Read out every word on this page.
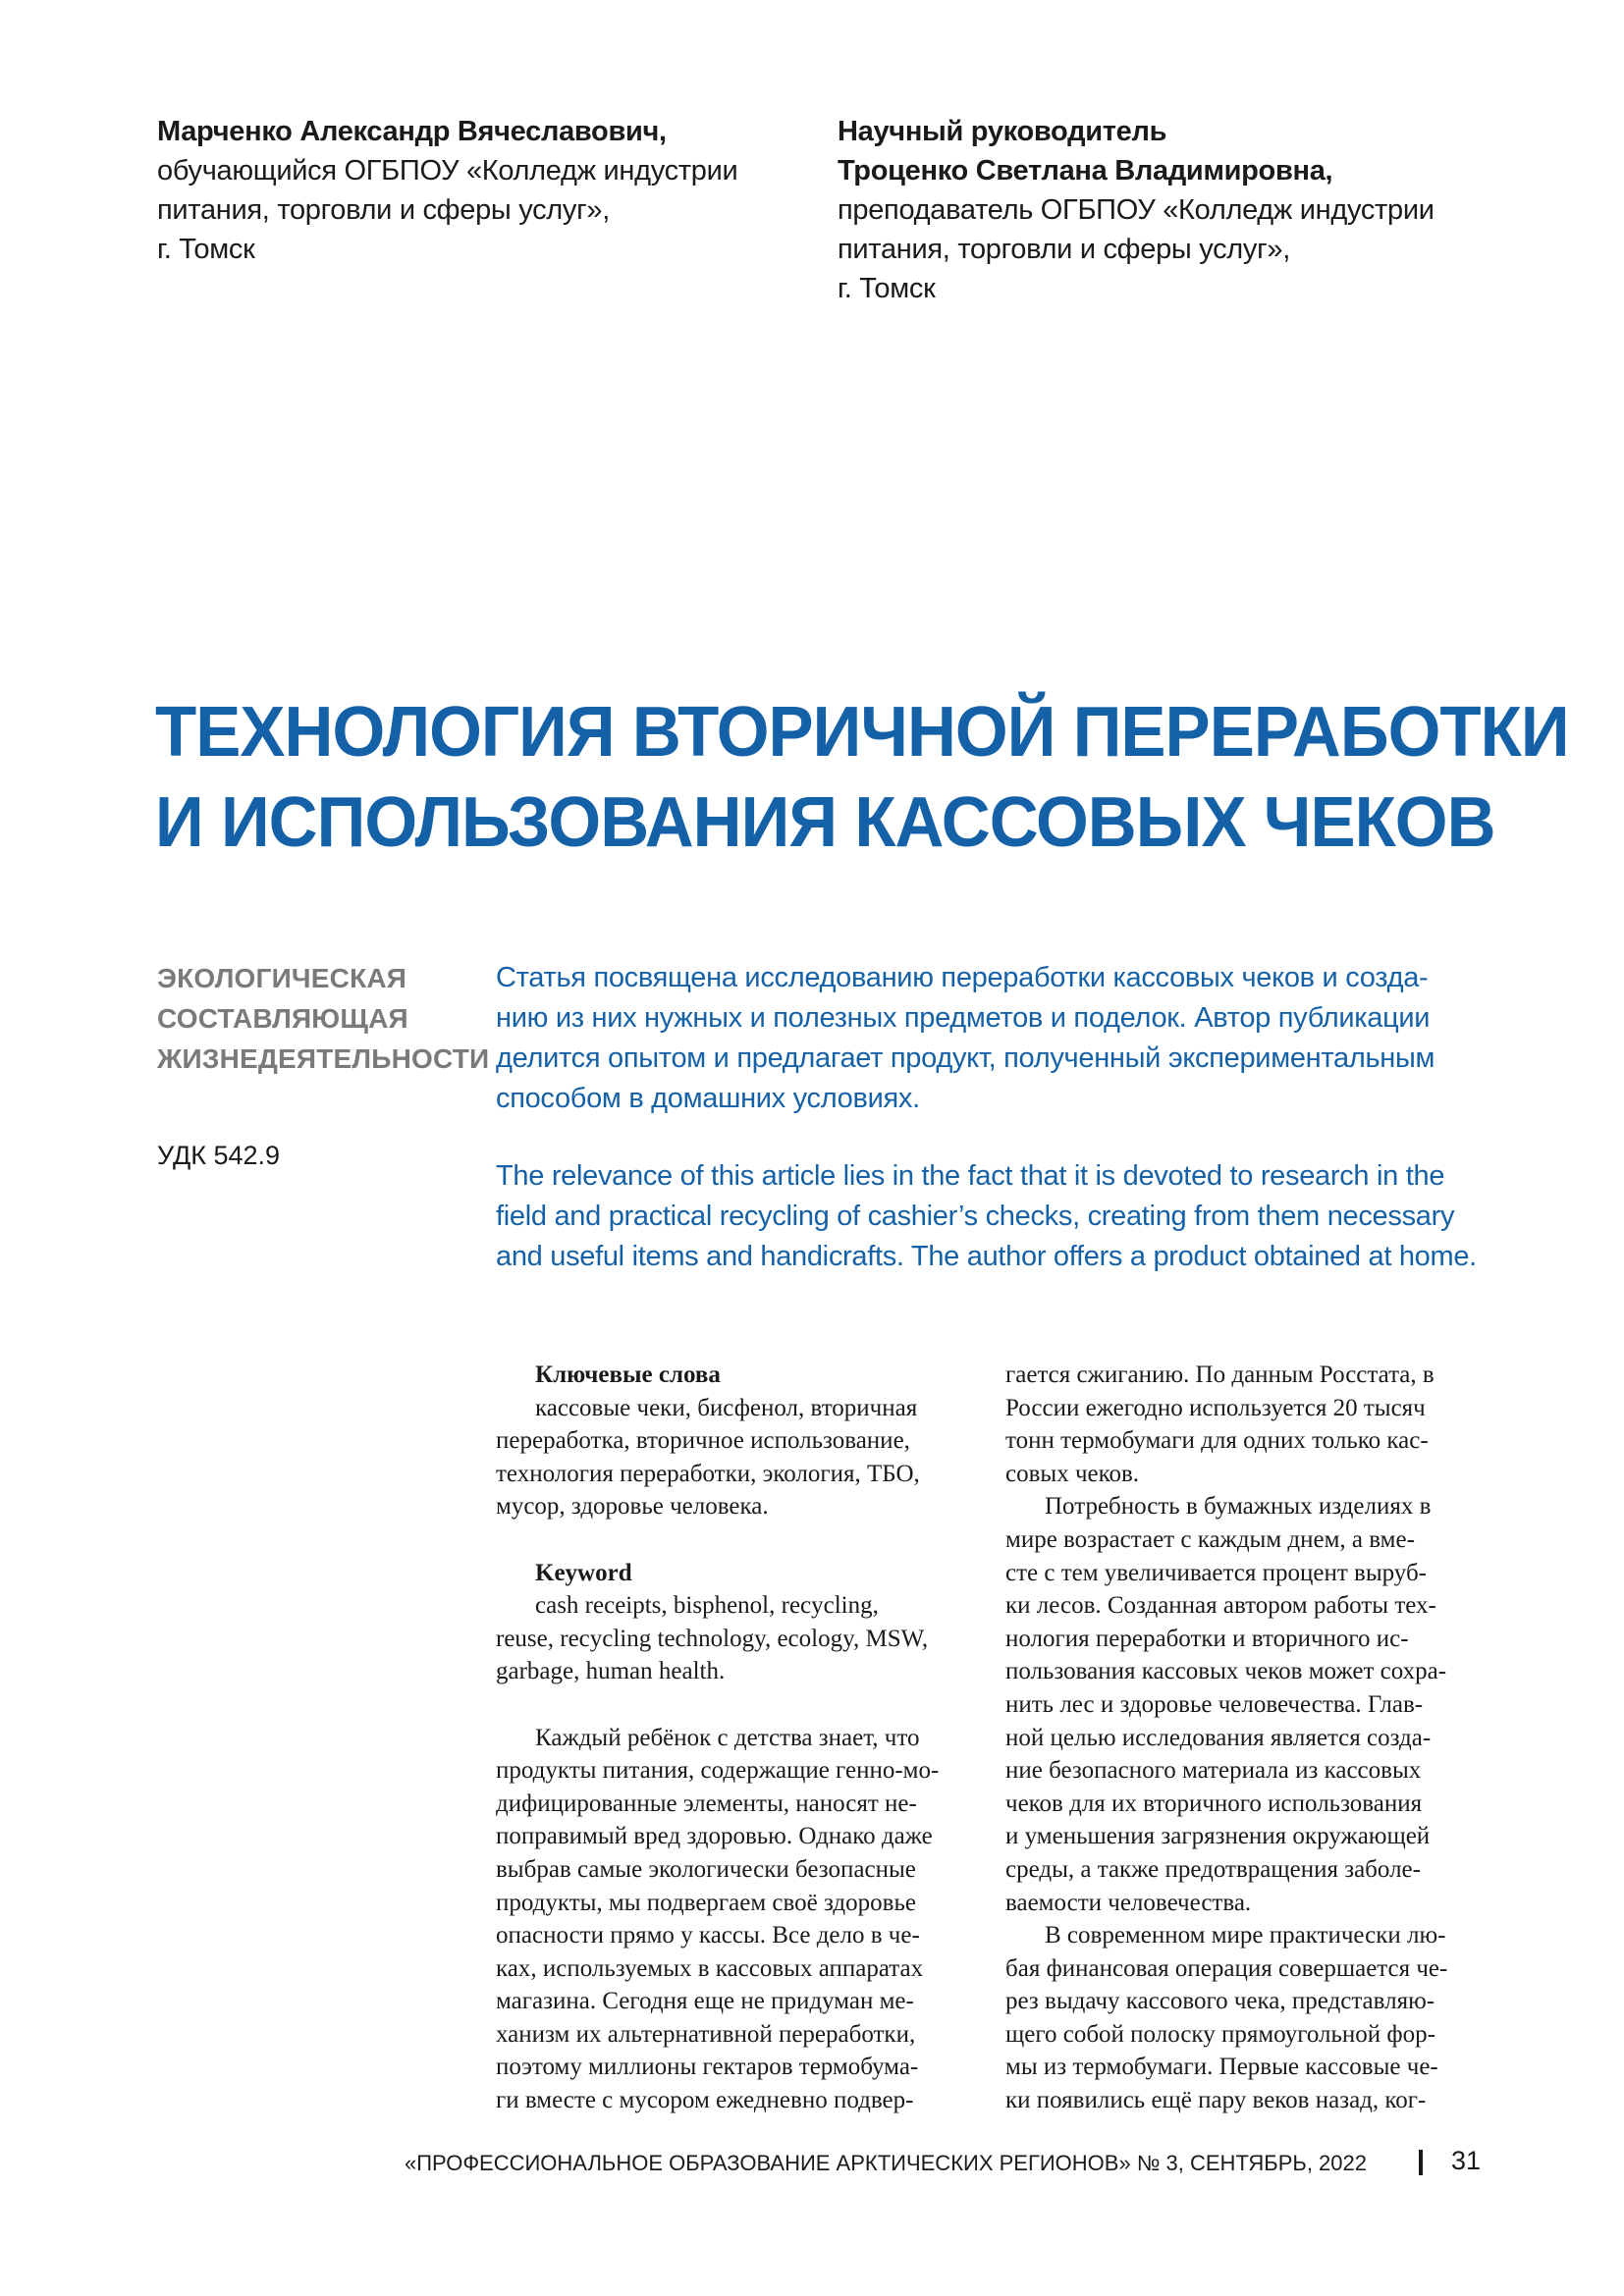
Марченко Александр Вячеславович,
обучающийся ОГБПОУ «Колледж индустрии
питания, торговли и сферы услуг»,
г. Томск
Научный руководитель
Троценко Светлана Владимировна,
преподаватель ОГБПОУ «Колледж индустрии
питания, торговли и сферы услуг»,
г. Томск
ТЕХНОЛОГИЯ ВТОРИЧНОЙ ПЕРЕРАБОТКИ
И ИСПОЛЬЗОВАНИЯ КАССОВЫХ ЧЕКОВ
ЭКОЛОГИЧЕСКАЯ
СОСТАВЛЯЮЩАЯ
ЖИЗНЕДЕЯТЕЛЬНОСТИ
УДК 542.9
Статья посвящена исследованию переработки кассовых чеков и созда-
нию из них нужных и полезных предметов и поделок. Автор публикации
делится опытом и предлагает продукт, полученный экспериментальным
способом в домашних условиях.
The relevance of this article lies in the fact that it is devoted to research in the
field and practical recycling of cashier’s checks, creating from them necessary
and useful items and handicrafts. The author offers a product obtained at home.
Ключевые слова
кассовые чеки, бисфенол, вторичная
переработка, вторичное использование,
технология переработки, экология, ТБО,
мусор, здоровье человека.
Keyword
cash receipts, bisphenol, recycling,
reuse, recycling technology, ecology, MSW,
garbage, human health.
Каждый ребёнок с детства знает, что
продукты питания, содержащие генно-мо-
дифицированные элементы, наносят не-
поправимый вред здоровью. Однако даже
выбрав самые экологически безопасные
продукты, мы подвергаем своё здоровье
опасности прямо у кассы. Все дело в че-
ках, используемых в кассовых аппаратах
магазина. Сегодня еще не придуман ме-
ханизм их альтернативной переработки,
поэтому миллионы гектаров термобума-
ги вместе с мусором ежедневно подвер-
гается сжиганию. По данным Росстата, в
России ежегодно используется 20 тысяч
тонн термобумаги для одних только кас-
совых чеков.
Потребность в бумажных изделиях в
мире возрастает с каждым днем, а вме-
сте с тем увеличивается процент выруб-
ки лесов. Созданная автором работы тех-
нология переработки и вторичного ис-
пользования кассовых чеков может сохра-
нить лес и здоровье человечества. Глав-
ной целью исследования является созда-
ние безопасного материала из кассовых
чеков для их вторичного использования
и уменьшения загрязнения окружающей
среды, а также предотвращения заболе-
ваемости человечества.
В современном мире практически лю-
бая финансовая операция совершается че-
рез выдачу кассового чека, представляю-
щего собой полоску прямоугольной фор-
мы из термобумаги. Первые кассовые че-
ки появились ещё пару веков назад, ког-
«ПРОФЕССИОНАЛЬНОЕ ОБРАЗОВАНИЕ АРКТИЧЕСКИХ РЕГИОНОВ» № 3, СЕНТЯБРЬ, 2022	31
